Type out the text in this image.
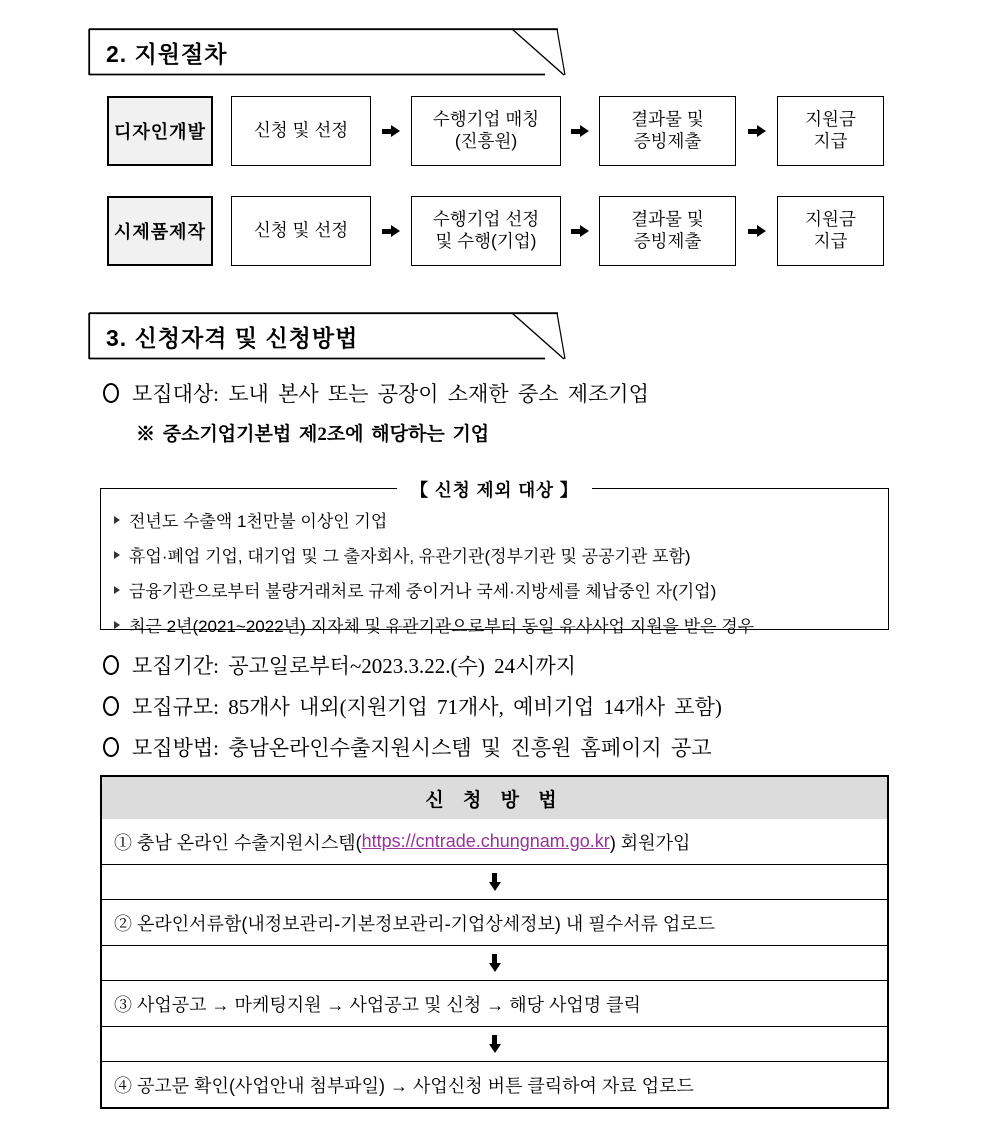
2. 지원절차
디자인개발	신청 및 선정
수행기업 매칭
(진흥원)
결과물 및
증빙제출
지원금
지급
시제품제작	신청 및 선정
수행기업 선정
및 수행(기업)
결과물 및
증빙제출
지원금
지급
3. 신청자격 및 신청방법
모집대상: 도내 본사 또는 공장이 소재한 중소 제조기업
※ 중소기업기본법 제2조에 해당하는 기업
【 신청 제외 대상 】
전년도 수출액 1천만불 이상인 기업
휴업·폐업 기업, 대기업 및 그 출자회사, 유관기관(정부기관 및 공공기관 포함)
금융기관으로부터 불량거래처로 규제 중이거나 국세·지방세를 체납중인 자(기업)
최근 2년(2021~2022년) 지자체 및 유관기관으로부터 동일 유사사업 지원을 받은 경우
모집기간: 공고일로부터~2023.3.22.(수) 24시까지
모집규모: 85개사 내외(지원기업 71개사, 예비기업 14개사 포함)
모집방법: 충남온라인수출지원시스템 및 진흥원 홈페이지 공고
신 청 방 법
① 충남 온라인 수출지원시스템( https://cntrade.chungnam.go.kr ) 회원가입
② 온라인서류함(내정보관리-기본정보관리-기업상세정보) 내 필수서류 업로드
③ 사업공고 → 마케팅지원 → 사업공고 및 신청 → 해당 사업명 클릭
④ 공고문 확인(사업안내 첨부파일) → 사업신청 버튼 클릭하여 자료 업로드
